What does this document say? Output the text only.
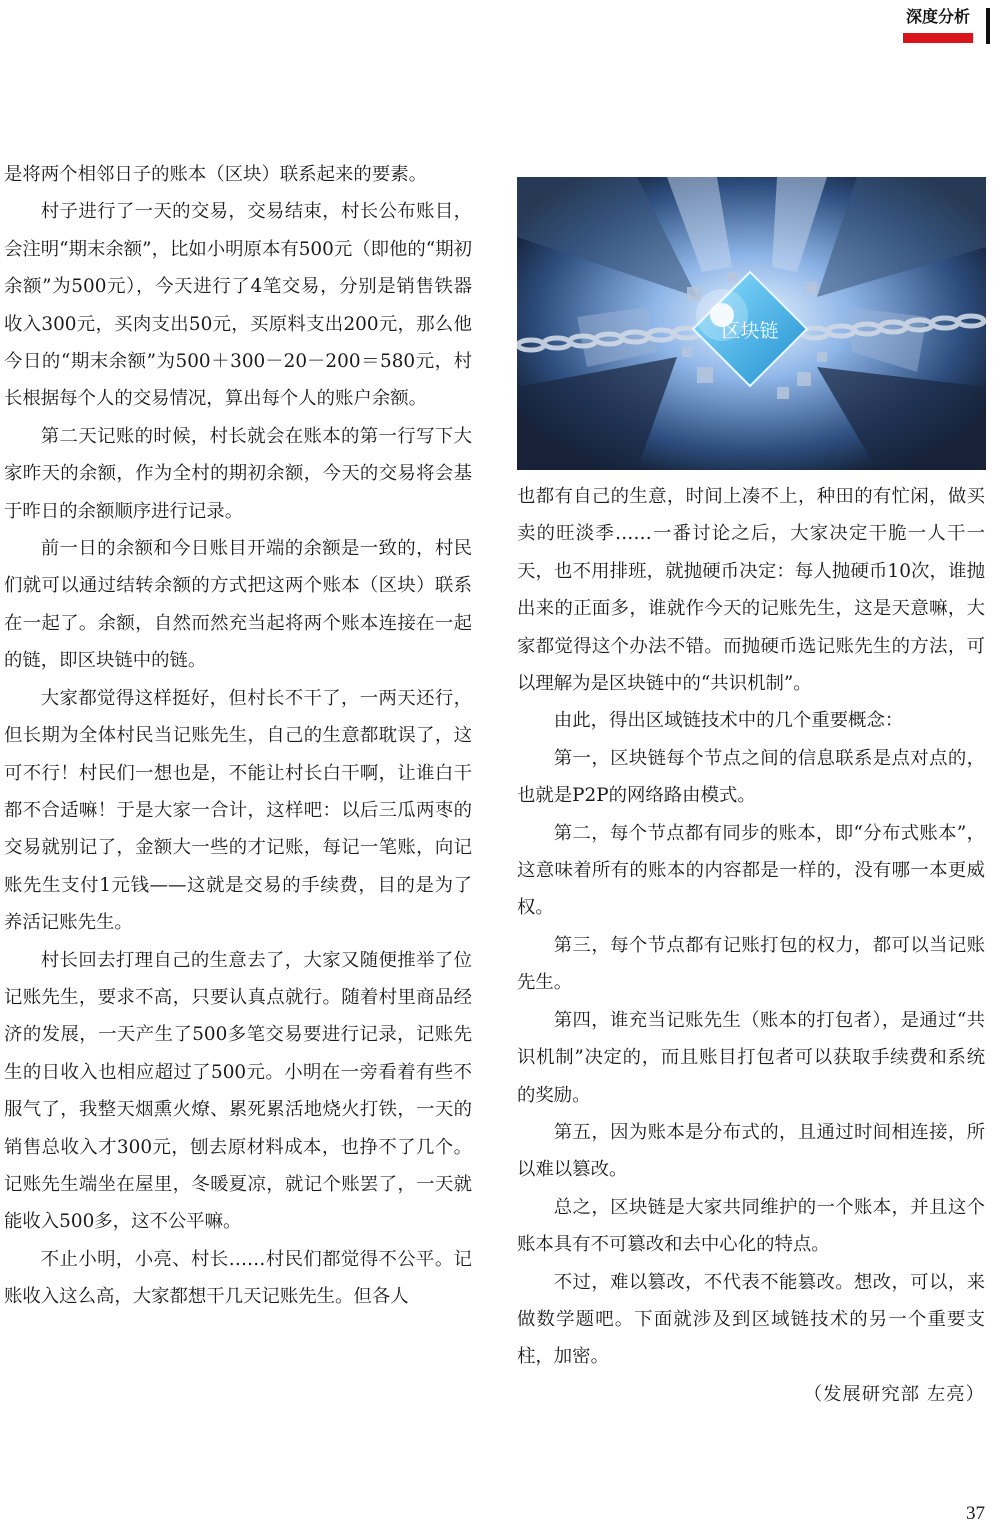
深度分析

是将两个相邻日子的账本（区块）联系起来的要素。

村子进行了一天的交易，交易结束，村长公布账目，会注明“期末余额”，比如小明原本有500元（即他的“期初余额”为500元），今天进行了4笔交易，分别是销售铁器收入300元，买肉支出50元，买原料支出200元，那么他今日的“期末余额”为500＋300－20－200＝580元，村长根据每个人的交易情况，算出每个人的账户余额。

第二天记账的时候，村长就会在账本的第一行写下大家昨天的余额，作为全村的期初余额，今天的交易将会基于昨日的余额顺序进行记录。

前一日的余额和今日账目开端的余额是一致的，村民们就可以通过结转余额的方式把这两个账本（区块）联系在一起了。余额，自然而然充当起将两个账本连接在一起的链，即区块链中的链。

大家都觉得这样挺好，但村长不干了，一两天还行，但长期为全体村民当记账先生，自己的生意都耽误了，这可不行！村民们一想也是，不能让村长白干啊，让谁白干都不合适嘛！于是大家一合计，这样吧：以后三瓜两枣的交易就别记了，金额大一些的才记账，每记一笔账，向记账先生支付1元钱——这就是交易的手续费，目的是为了养活记账先生。

村长回去打理自己的生意去了，大家又随便推举了位记账先生，要求不高，只要认真点就行。随着村里商品经济的发展，一天产生了500多笔交易要进行记录，记账先生的日收入也相应超过了500元。小明在一旁看着有些不服气了，我整天烟熏火燎、累死累活地烧火打铁，一天的销售总收入才300元，刨去原材料成本，也挣不了几个。记账先生端坐在屋里，冬暖夏凉，就记个账罢了，一天就能收入500多，这不公平嘛。

不止小明，小亮、村长……村民们都觉得不公平。记账收入这么高，大家都想干几天记账先生。但各人

区块链

也都有自己的生意，时间上凑不上，种田的有忙闲，做买卖的旺淡季……一番讨论之后，大家决定干脆一人干一天，也不用排班，就抛硬币决定：每人抛硬币10次，谁抛出来的正面多，谁就作今天的记账先生，这是天意嘛，大家都觉得这个办法不错。而抛硬币选记账先生的方法，可以理解为是区块链中的“共识机制”。

由此，得出区域链技术中的几个重要概念：

第一，区块链每个节点之间的信息联系是点对点的，也就是P2P的网络路由模式。

第二，每个节点都有同步的账本，即“分布式账本”，这意味着所有的账本的内容都是一样的，没有哪一本更威权。

第三，每个节点都有记账打包的权力，都可以当记账先生。

第四，谁充当记账先生（账本的打包者），是通过“共识机制”决定的，而且账目打包者可以获取手续费和系统的奖励。

第五，因为账本是分布式的，且通过时间相连接，所以难以篡改。

总之，区块链是大家共同维护的一个账本，并且这个账本具有不可篡改和去中心化的特点。

不过，难以篡改，不代表不能篡改。想改，可以，来做数学题吧。下面就涉及到区域链技术的另一个重要支柱，加密。

（发展研究部 左亮）

37
